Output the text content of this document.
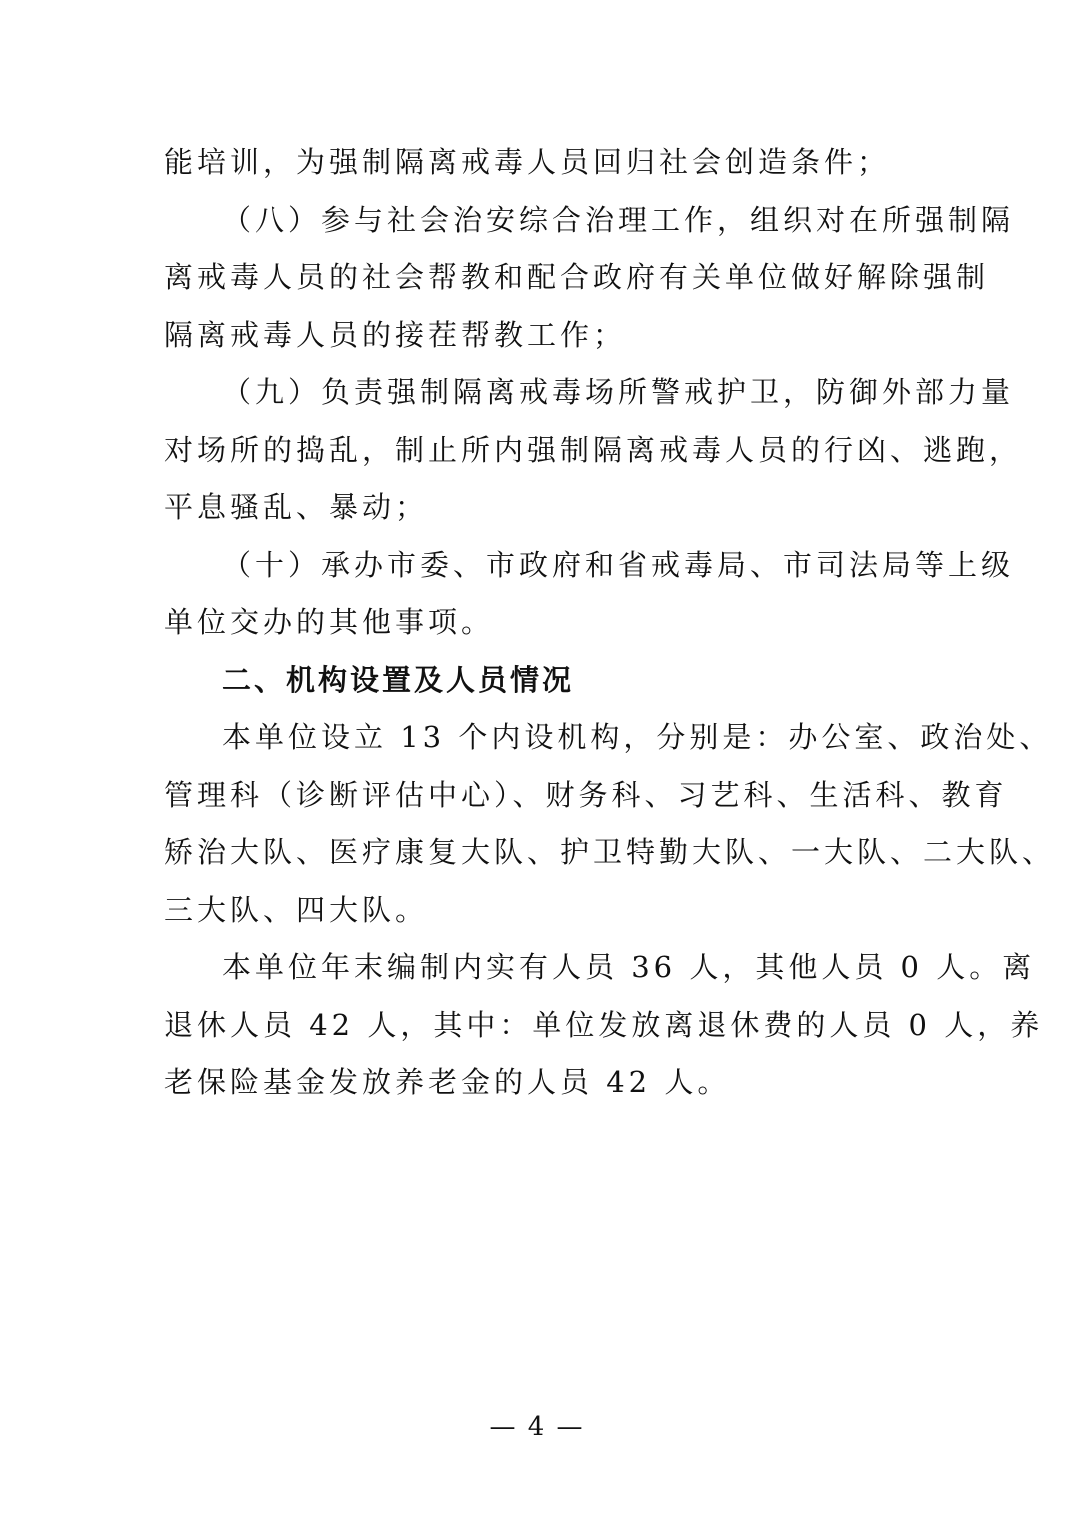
能培训，为强制隔离戒毒人员回归社会创造条件；
（八）参与社会治安综合治理工作，组织对在所强制隔
离戒毒人员的社会帮教和配合政府有关单位做好解除强制
隔离戒毒人员的接茬帮教工作；
（九）负责强制隔离戒毒场所警戒护卫，防御外部力量
对场所的捣乱，制止所内强制隔离戒毒人员的行凶、逃跑，
平息骚乱、暴动；
（十）承办市委、市政府和省戒毒局、市司法局等上级
单位交办的其他事项。
二、机构设置及人员情况
本单位设立 13 个内设机构，分别是：办公室、政治处、
管理科（诊断评估中心）、财务科、习艺科、生活科、教育
矫治大队、医疗康复大队、护卫特勤大队、一大队、二大队、
三大队、四大队。
本单位年末编制内实有人员 36 人，其他人员 0 人。离
退休人员 42 人，其中：单位发放离退休费的人员 0 人，养
老保险基金发放养老金的人员 42 人。
— 4 —
